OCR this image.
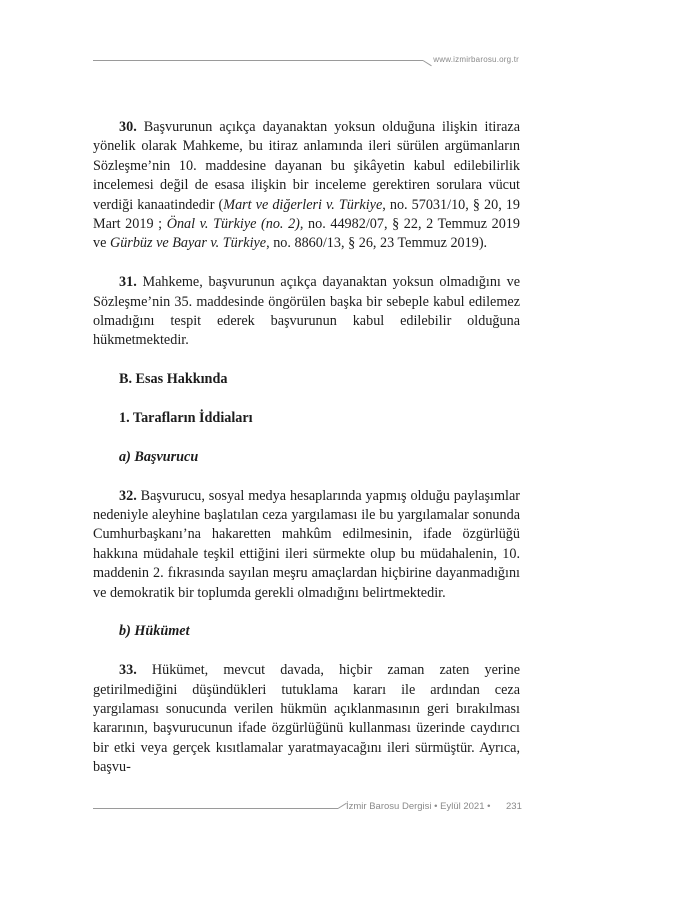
www.izmirbarosu.org.tr

30. Başvurunun açıkça dayanaktan yoksun olduğuna ilişkin itiraza yönelik olarak Mahkeme, bu itiraz anlamında ileri sürülen argümanların Sözleşme’nin 10. maddesine dayanan bu şikâyetin kabul edilebilirlik incelemesi değil de esasa ilişkin bir inceleme gerektiren sorulara vücut verdiği kanaatindedir (Mart ve diğerleri v. Türkiye, no. 57031/10, § 20, 19 Mart 2019 ; Önal v. Türkiye (no. 2), no. 44982/07, § 22, 2 Temmuz 2019 ve Gürbüz ve Bayar v. Türkiye, no. 8860/13, § 26, 23 Temmuz 2019).

31. Mahkeme, başvurunun açıkça dayanaktan yoksun olmadığını ve Sözleşme’nin 35. maddesinde öngörülen başka bir sebeple kabul edilemez olmadığını tespit ederek başvurunun kabul edilebilir olduğuna hükmetmektedir.

B. Esas Hakkında

1. Tarafların İddiaları

a) Başvurucu

32. Başvurucu, sosyal medya hesaplarında yapmış olduğu paylaşımlar nedeniyle aleyhine başlatılan ceza yargılaması ile bu yargılamalar sonunda Cumhurbaşkanı’na hakaretten mahkûm edilmesinin, ifade özgürlüğü hakkına müdahale teşkil ettiğini ileri sürmekte olup bu müdahalenin, 10. maddenin 2. fıkrasında sayılan meşru amaçlardan hiçbirine dayanmadığını ve demokratik bir toplumda gerekli olmadığını belirtmektedir.

b) Hükümet

33. Hükümet, mevcut davada, hiçbir zaman zaten yerine getirilmediğini düşündükleri tutuklama kararı ile ardından ceza yargılaması sonucunda verilen hükmün açıklanmasının geri bırakılması kararının, başvurucunun ifade özgürlüğünü kullanması üzerinde caydırıcı bir etki veya gerçek kısıtlamalar yaratmayacağını ileri sürmüştür. Ayrıca, başvu-

İzmir Barosu Dergisi • Eylül 2021 • 231
